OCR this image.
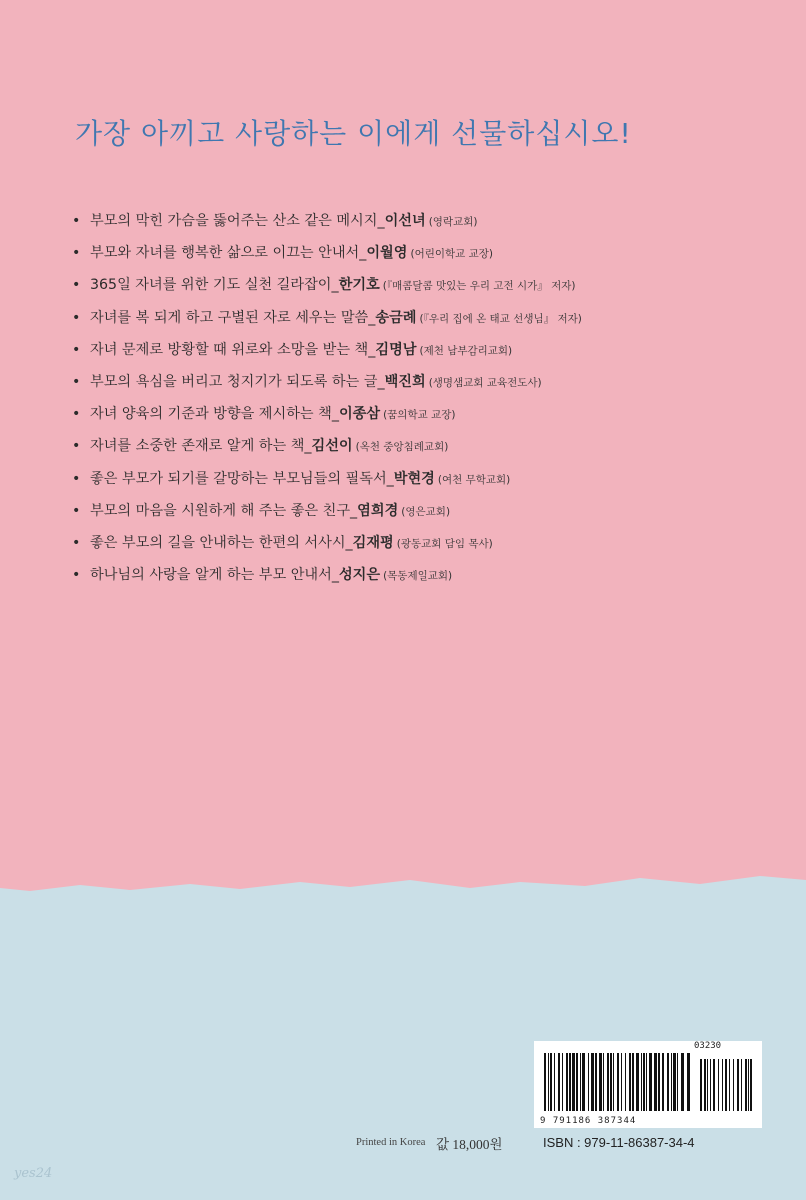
가장 아끼고 사랑하는 이에게 선물하십시오!
• 부모의 막힌 가슴을 뚫어주는 산소 같은 메시지_이선녀 (영락교회)
• 부모와 자녀를 행복한 삶으로 이끄는 안내서_이월영 (어린이학교 교장)
• 365일 자녀를 위한 기도 실천 길라잡이_한기호 (『매콤달콤 맛있는 우리 고전 시가』 저자)
• 자녀를 복 되게 하고 구별된 자로 세우는 말씀_송금례 (『우리 집에 온 태교 선생님』 저자)
• 자녀 문제로 방황할 때 위로와 소망을 받는 책_김명남 (제천 남부감리교회)
• 부모의 욕심을 버리고 청지기가 되도록 하는 글_백진희 (생명샘교회 교육전도사)
• 자녀 양육의 기준과 방향을 제시하는 책_이종삼 (꿈의학교 교장)
• 자녀를 소중한 존재로 알게 하는 책_김선이 (옥천 중앙침례교회)
• 좋은 부모가 되기를 갈망하는 부모님들의 필독서_박현경 (여천 무학교회)
• 부모의 마음을 시원하게 해 주는 좋은 친구_염희경 (영은교회)
• 좋은 부모의 길을 안내하는 한편의 서사시_김재평 (광동교회 담임 목사)
• 하나님의 사랑을 알게 하는 부모 안내서_성지은 (목동제일교회)
03230
9 791186 387344
Printed in Korea 값 18,000원	ISBN : 979-11-86387-34-4
yes24
